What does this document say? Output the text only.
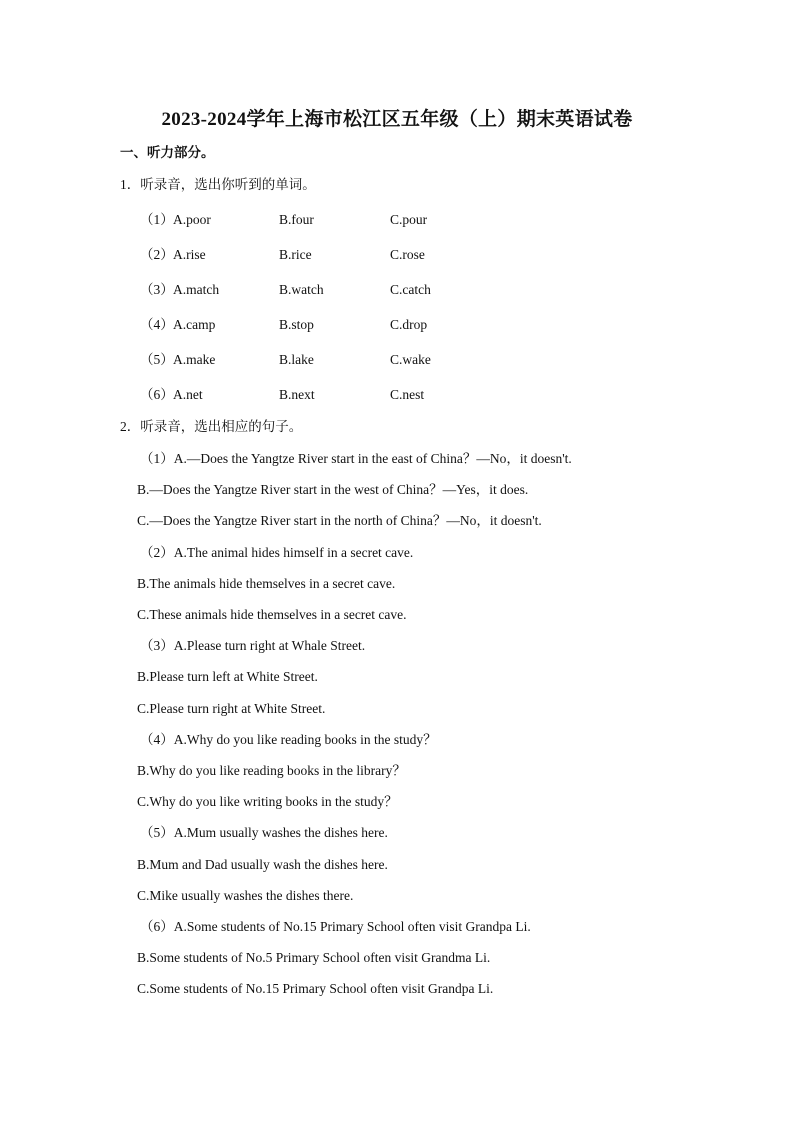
2023-2024学年上海市松江区五年级（上）期末英语试卷
一、听力部分。
1．听录音，选出你听到的单词。
（1） A.poor	B.four	C.pour
（2） A.rise	B.rice	C.rose
（3） A.match	B.watch	C.catch
（4） A.camp	B.stop	C.drop
（5） A.make	B.lake	C.wake
（6） A.net	B.next	C.nest
2．听录音，选出相应的句子。
（1）A.—Does the Yangtze River start in the east of China？—No，it doesn't.
B.—Does the Yangtze River start in the west of China？—Yes，it does.
C.—Does the Yangtze River start in the north of China？—No，it doesn't.
（2）A.The animal hides himself in a secret cave.
B.The animals hide themselves in a secret cave.
C.These animals hide themselves in a secret cave.
（3）A.Please turn right at Whale Street.
B.Please turn left at White Street.
C.Please turn right at White Street.
（4）A.Why do you like reading books in the study？
B.Why do you like reading books in the library？
C.Why do you like writing books in the study？
（5）A.Mum usually washes the dishes here.
B.Mum and Dad usually wash the dishes here.
C.Mike usually washes the dishes there.
（6）A.Some students of No.15 Primary School often visit Grandpa Li.
B.Some students of No.5 Primary School often visit Grandma Li.
C.Some students of No.15 Primary School often visit Grandpa Li.
